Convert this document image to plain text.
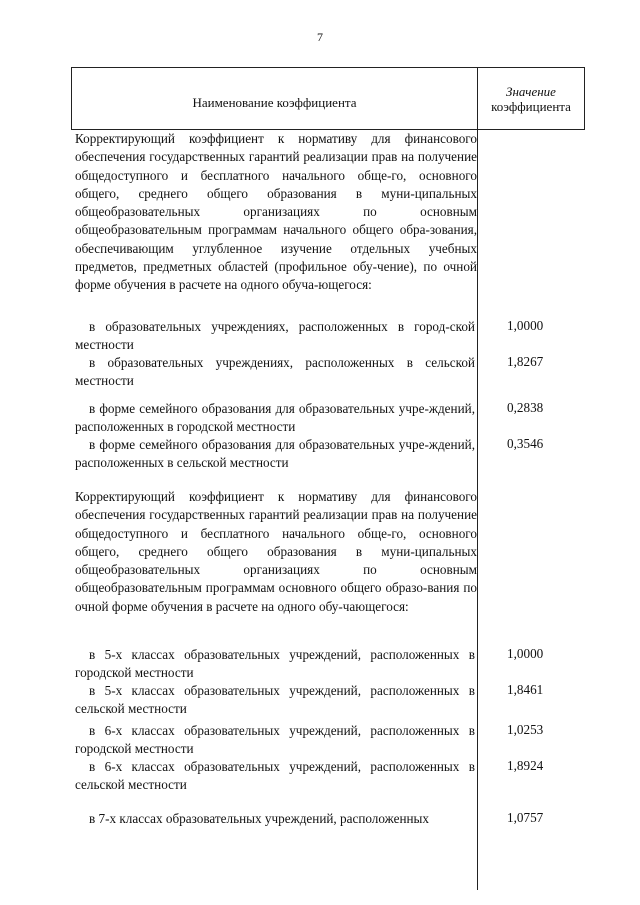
7
Наименование коэффициента
Значение
коэффициента
Корректирующий коэффициент к нормативу для финансового обеспечения государственных гарантий реализации прав на получение общедоступного и бесплатного начального обще-го, основного общего, среднего общего образования в муни-ципальных общеобразовательных организациях по основным общеобразовательным программам начального общего обра-зования, обеспечивающим углубленное изучение отдельных учебных предметов, предметных областей (профильное обу-чение), по очной форме обучения в расчете на одного обуча-ющегося:
в образовательных учреждениях, расположенных в город-ской местности
1,0000
в образовательных учреждениях, расположенных в сельской местности
1,8267
в форме семейного образования для образовательных учре-ждений, расположенных в городской местности
0,2838
в форме семейного образования для образовательных учре-ждений, расположенных в сельской местности
0,3546
Корректирующий коэффициент к нормативу для финансового обеспечения государственных гарантий реализации прав на получение общедоступного и бесплатного начального обще-го, основного общего, среднего общего образования в муни-ципальных общеобразовательных организациях по основным общеобразовательным программам основного общего образо-вания по очной форме обучения в расчете на одного обу-чающегося:
в 5-х классах образовательных учреждений, расположенных в городской местности
1,0000
в 5-х классах образовательных учреждений, расположенных в сельской местности
1,8461
в 6-х классах образовательных учреждений, расположенных в городской местности
1,0253
в 6-х классах образовательных учреждений, расположенных в сельской местности
1,8924
в 7-х классах образовательных учреждений, расположенных	1,0757
